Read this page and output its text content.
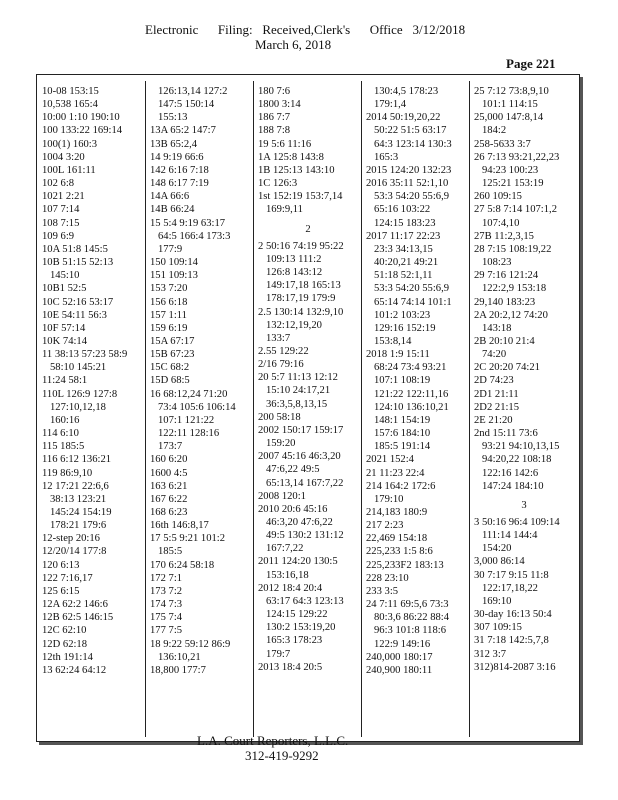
Electronic      Filing:   Received,Clerk's      Office   3/12/2018
March 6, 2018
Page 221
10-08 153:15
10,538 165:4
10:00 1:10 190:10
100 133:22 169:14
100(1) 160:3
1004 3:20
100L 161:11
102 6:8
1021 2:21
107 7:14
108 7:15
109 6:9
10A 51:8 145:5
10B 51:15 52:13
145:10
10B1 52:5
10C 52:16 53:17
10E 54:11 56:3
10F 57:14
10K 74:14
11 38:13 57:23 58:9
58:10 145:21
11:24 58:1
110L 126:9 127:8
127:10,12,18
160:16
114 6:10
115 185:5
116 6:12 136:21
119 86:9,10
12 17:21 22:6,6
38:13 123:21
145:24 154:19
178:21 179:6
12-step 20:16
12/20/14 177:8
120 6:13
122 7:16,17
125 6:15
12A 62:2 146:6
12B 62:5 146:15
12C 62:10
12D 62:18
12th 191:14
13 62:24 64:12
126:13,14 127:2
147:5 150:14
155:13
13A 65:2 147:7
13B 65:2,4
14 9:19 66:6
142 6:16 7:18
148 6:17 7:19
14A 66:6
14B 66:24
15 5:4 9:19 63:17
64:5 166:4 173:3
177:9
150 109:14
151 109:13
153 7:20
156 6:18
157 1:11
159 6:19
15A 67:17
15B 67:23
15C 68:2
15D 68:5
16 68:12,24 71:20
73:4 105:6 106:14
107:1 121:22
122:11 128:16
173:7
160 6:20
1600 4:5
163 6:21
167 6:22
168 6:23
16th 146:8,17
17 5:5 9:21 101:2
185:5
170 6:24 58:18
172 7:1
173 7:2
174 7:3
175 7:4
177 7:5
18 9:22 59:12 86:9
136:10,21
18,800 177:7
180 7:6
1800 3:14
186 7:7
188 7:8
19 5:6 11:16
1A 125:8 143:8
1B 125:13 143:10
1C 126:3
1st 152:19 153:7,14
169:9,11
2
2 50:16 74:19 95:22
109:13 111:2
126:8 143:12
149:17,18 165:13
178:17,19 179:9
2.5 130:14 132:9,10
132:12,19,20
133:7
2.55 129:22
2/16 79:16
20 5:7 11:13 12:12
15:10 24:17,21
36:3,5,8,13,15
200 58:18
2002 150:17 159:17
159:20
2007 45:16 46:3,20
47:6,22 49:5
65:13,14 167:7,22
2008 120:1
2010 20:6 45:16
46:3,20 47:6,22
49:5 130:2 131:12
167:7,22
2011 124:20 130:5
153:16,18
2012 18:4 20:4
63:17 64:3 123:13
124:15 129:22
130:2 153:19,20
165:3 178:23
179:7
2013 18:4 20:5
130:4,5 178:23
179:1,4
2014 50:19,20,22
50:22 51:5 63:17
64:3 123:14 130:3
165:3
2015 124:20 132:23
2016 35:11 52:1,10
53:3 54:20 55:6,9
65:16 103:22
124:15 183:23
2017 11:17 22:23
23:3 34:13,15
40:20,21 49:21
51:18 52:1,11
53:3 54:20 55:6,9
65:14 74:14 101:1
101:2 103:23
129:16 152:19
153:8,14
2018 1:9 15:11
68:24 73:4 93:21
107:1 108:19
121:22 122:11,16
124:10 136:10,21
148:1 154:19
157:6 184:10
185:5 191:14
2021 152:4
21 11:23 22:4
214 164:2 172:6
179:10
214,183 180:9
217 2:23
22,469 154:18
225,233 1:5 8:6
225,233F2 183:13
228 23:10
233 3:5
24 7:11 69:5,6 73:3
80:3,6 86:22 88:4
96:3 101:8 118:6
122:9 149:16
240,000 180:17
240,900 180:11
25 7:12 73:8,9,10
101:1 114:15
25,000 147:8,14
184:2
258-5633 3:7
26 7:13 93:21,22,23
94:23 100:23
125:21 153:19
260 109:15
27 5:8 7:14 107:1,2
107:4,10
27B 11:2,3,15
28 7:15 108:19,22
108:23
29 7:16 121:24
122:2,9 153:18
29,140 183:23
2A 20:2,12 74:20
143:18
2B 20:10 21:4
74:20
2C 20:20 74:21
2D 74:23
2D1 21:11
2D2 21:15
2E 21:20
2nd 15:11 73:6
93:21 94:10,13,15
94:20,22 108:18
122:16 142:6
147:24 184:10
3
3 50:16 96:4 109:14
111:14 144:4
154:20
3,000 86:14
30 7:17 9:15 11:8
122:17,18,22
169:10
30-day 16:13 50:4
307 109:15
31 7:18 142:5,7,8
312 3:7
312)814-2087 3:16
L.A. Court Reporters, L.L.C.
312-419-9292
